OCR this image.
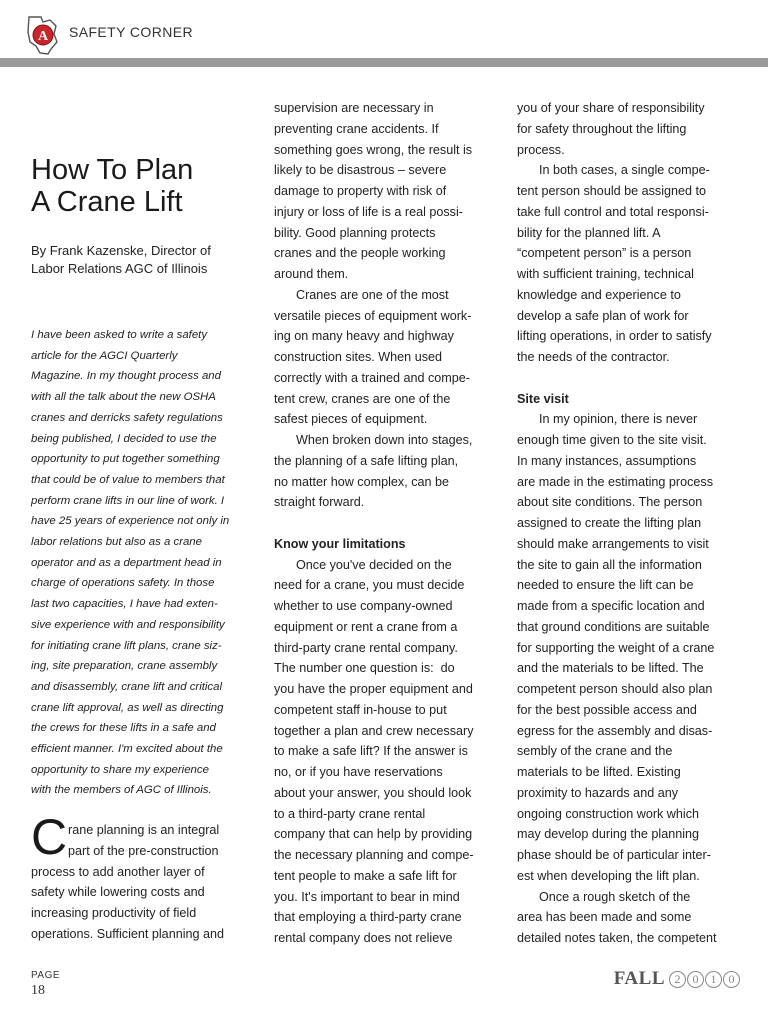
A SAFETY CORNER
How To Plan
A Crane Lift
By Frank Kazenske, Director of
Labor Relations AGC of Illinois
I have been asked to write a safety
article for the AGCI Quarterly
Magazine. In my thought process and
with all the talk about the new OSHA
cranes and derricks safety regulations
being published, I decided to use the
opportunity to put together something
that could be of value to members that
perform crane lifts in our line of work. I
have 25 years of experience not only in
labor relations but also as a crane
operator and as a department head in
charge of operations safety. In those
last two capacities, I have had exten-
sive experience with and responsibility
for initiating crane lift plans, crane siz-
ing, site preparation, crane assembly
and disassembly, crane lift and critical
crane lift approval, as well as directing
the crews for these lifts in a safe and
efficient manner. I'm excited about the
opportunity to share my experience
with the members of AGC of Illinois.
C rane planning is an integral
part of the pre-construction
process to add another layer of
safety while lowering costs and
increasing productivity of field
operations. Sufficient planning and
supervision are necessary in
preventing crane accidents. If
something goes wrong, the result is
likely to be disastrous – severe
damage to property with risk of
injury or loss of life is a real possi-
bility. Good planning protects
cranes and the people working
around them.
Cranes are one of the most
versatile pieces of equipment work-
ing on many heavy and highway
construction sites. When used
correctly with a trained and compe-
tent crew, cranes are one of the
safest pieces of equipment.
When broken down into stages,
the planning of a safe lifting plan,
no matter how complex, can be
straight forward.
Know your limitations
Once you've decided on the
need for a crane, you must decide
whether to use company-owned
equipment or rent a crane from a
third-party crane rental company.
The number one question is:  do
you have the proper equipment and
competent staff in-house to put
together a plan and crew necessary
to make a safe lift? If the answer is
no, or if you have reservations
about your answer, you should look
to a third-party crane rental
company that can help by providing
the necessary planning and compe-
tent people to make a safe lift for
you. It's important to bear in mind
that employing a third-party crane
rental company does not relieve
you of your share of responsibility
for safety throughout the lifting
process.
In both cases, a single compe-
tent person should be assigned to
take full control and total responsi-
bility for the planned lift. A
“competent person” is a person
with sufficient training, technical
knowledge and experience to
develop a safe plan of work for
lifting operations, in order to satisfy
the needs of the contractor.
Site visit
In my opinion, there is never
enough time given to the site visit.
In many instances, assumptions
are made in the estimating process
about site conditions. The person
assigned to create the lifting plan
should make arrangements to visit
the site to gain all the information
needed to ensure the lift can be
made from a specific location and
that ground conditions are suitable
for supporting the weight of a crane
and the materials to be lifted. The
competent person should also plan
for the best possible access and
egress for the assembly and disas-
sembly of the crane and the
materials to be lifted. Existing
proximity to hazards and any
ongoing construction work which
may develop during the planning
phase should be of particular inter-
est when developing the lift plan.
Once a rough sketch of the
area has been made and some
detailed notes taken, the competent
PAGE
18
FALL 2	0	1	0
